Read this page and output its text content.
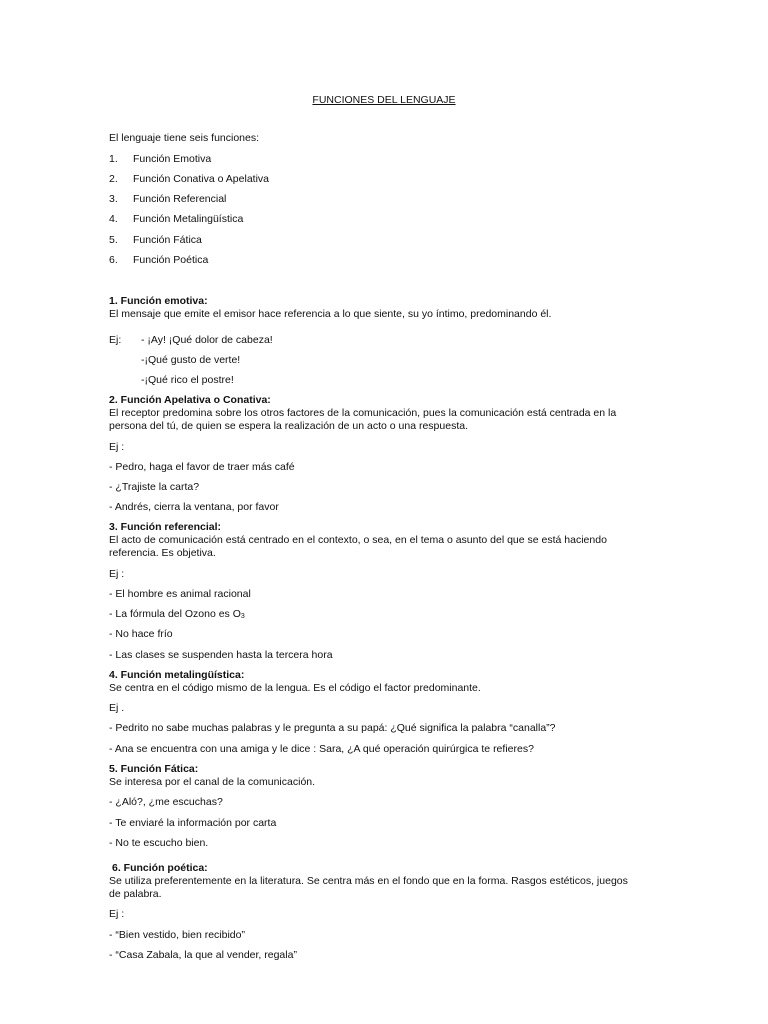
FUNCIONES DEL LENGUAJE
El lenguaje tiene seis funciones:
1. Función Emotiva
2. Función Conativa o Apelativa
3. Función Referencial
4. Función Metalingüística
5. Función Fática
6. Función Poética
1. Función emotiva:
El mensaje que emite el emisor hace referencia a lo que siente, su yo íntimo, predominando él.
Ej: - ¡Ay! ¡Qué dolor de cabeza!
-¡Qué gusto de verte!
-¡Qué rico el postre!
2. Función Apelativa o Conativa:
El receptor predomina sobre los otros factores de la comunicación, pues la comunicación está centrada en la
persona del tú, de quien se espera la realización de un acto o una respuesta.
Ej :
- Pedro, haga el favor de traer más café
- ¿Trajiste la carta?
- Andrés, cierra la ventana, por favor
3. Función referencial:
El acto de comunicación está centrado en el contexto, o sea, en el tema o asunto del que se está haciendo
referencia. Es objetiva.
Ej :
- El hombre es animal racional
- La fórmula del Ozono es $O_3$
- No hace frío
- Las clases se suspenden hasta la tercera hora
4. Función metalingüística:
Se centra en el código mismo de la lengua. Es el código el factor predominante.
Ej .
- Pedrito no sabe muchas palabras y le pregunta a su papá: ¿Qué significa la palabra “canalla”?
- Ana se encuentra con una amiga y le dice : Sara, ¿A qué operación quirúrgica te refieres?
5. Función Fática:
Se interesa por el canal de la comunicación.
- ¿Aló?, ¿me escuchas?
- Te enviaré la información por carta
- No te escucho bien.
6. Función poética:
Se utiliza preferentemente en la literatura. Se centra más en el fondo que en la forma. Rasgos estéticos, juegos
de palabra.
Ej :
- “Bien vestido, bien recibido”
- “Casa Zabala, la que al vender, regala”
